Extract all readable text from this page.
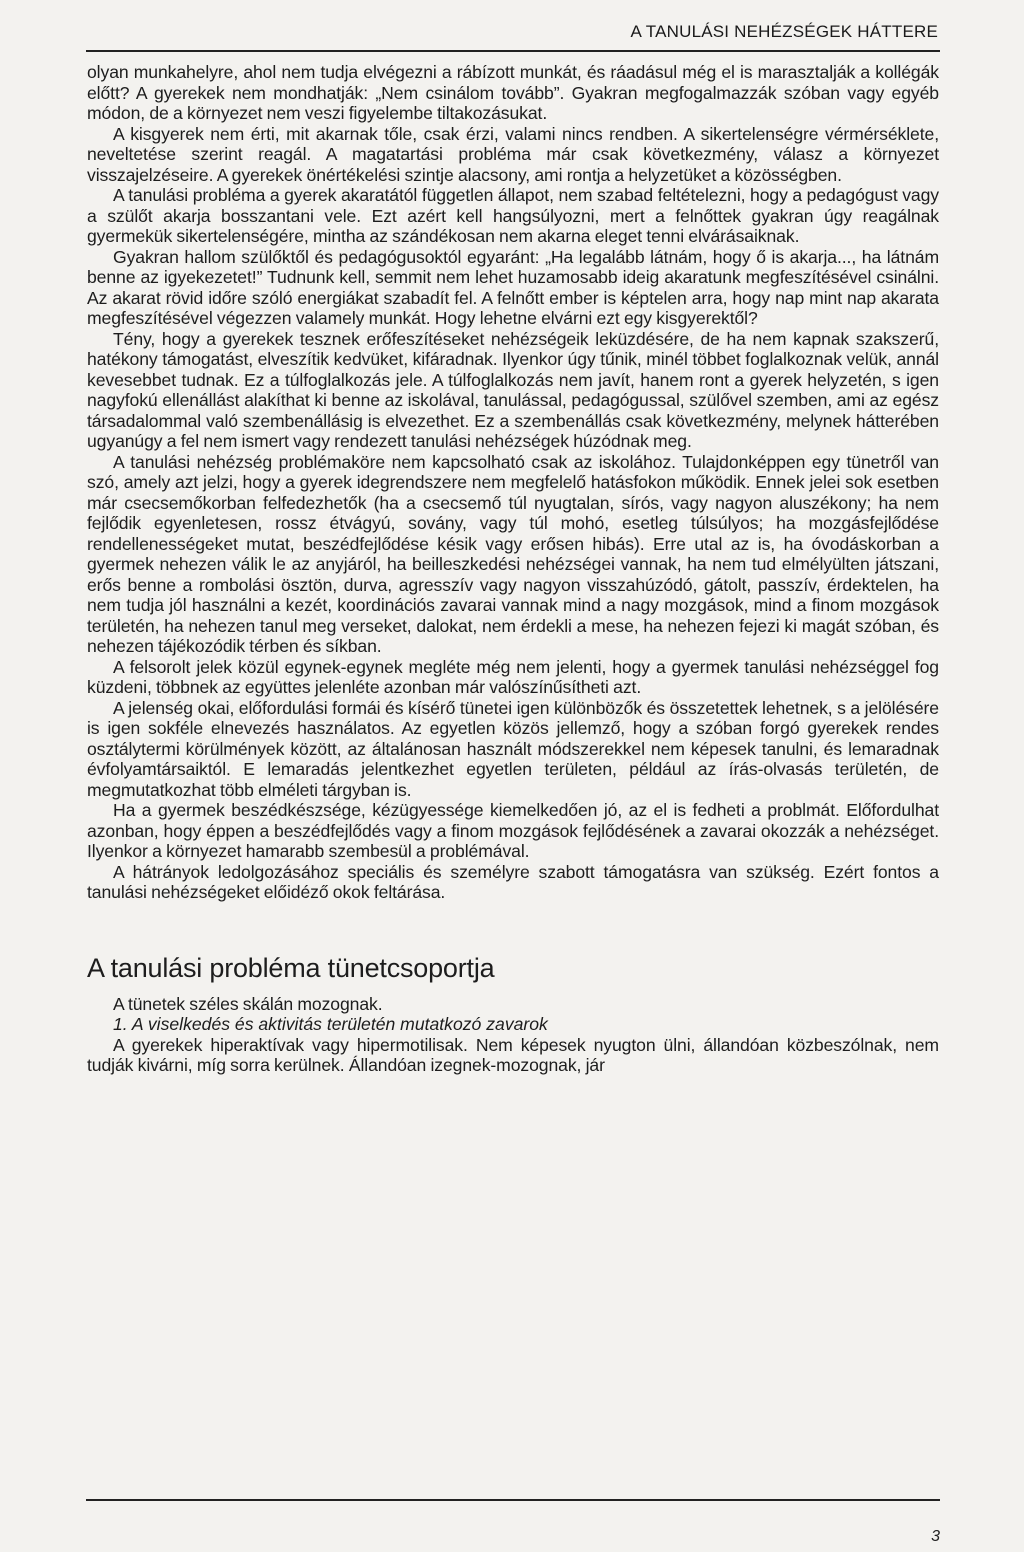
A TANULÁSI NEHÉZSÉGEK HÁTTERE

olyan munkahelyre, ahol nem tudja elvégezni a rábízott munkát, és ráadásul még el is marasztalják a kollégák előtt? A gyerekek nem mondhatják: „Nem csinálom tovább”. Gyakran megfogalmazzák szóban vagy egyéb módon, de a környezet nem veszi figyelembe tiltakozásukat.

A kisgyerek nem érti, mit akarnak tőle, csak érzi, valami nincs rendben. A sikertelenségre vérmérséklete, neveltetése szerint reagál. A magatartási probléma már csak következmény, válasz a környezet visszajelzéseire. A gyerekek önértékelési szintje alacsony, ami rontja a helyzetüket a közösségben.

A tanulási probléma a gyerek akaratától független állapot, nem szabad feltételezni, hogy a pedagógust vagy a szülőt akarja bosszantani vele. Ezt azért kell hangsúlyozni, mert a felnőttek gyakran úgy reagálnak gyermekük sikertelenségére, mintha az szándékosan nem akarna eleget tenni elvárásaiknak.

Gyakran hallom szülőktől és pedagógusoktól egyaránt: „Ha legalább látnám, hogy ő is akarja..., ha látnám benne az igyekezetet!” Tudnunk kell, semmit nem lehet huzamosabb ideig akaratunk megfeszítésével csinálni. Az akarat rövid időre szóló energiákat szabadít fel. A felnőtt ember is képtelen arra, hogy nap mint nap akarata megfeszítésével végezzen valamely munkát. Hogy lehetne elvárni ezt egy kisgyerektől?

Tény, hogy a gyerekek tesznek erőfeszítéseket nehézségeik leküzdésére, de ha nem kapnak szakszerű, hatékony támogatást, elveszítik kedvüket, kifáradnak. Ilyenkor úgy tűnik, minél többet foglalkoznak velük, annál kevesebbet tudnak. Ez a túlfoglalkozás jele. A túlfoglalkozás nem javít, hanem ront a gyerek helyzetén, s igen nagyfokú ellenállást alakíthat ki benne az iskolával, tanulással, pedagógussal, szülővel szemben, ami az egész társadalommal való szembenállásig is elvezethet. Ez a szembenállás csak következmény, melynek hátterében ugyanúgy a fel nem ismert vagy rendezett tanulási nehézségek húzódnak meg.

A tanulási nehézség problémaköre nem kapcsolható csak az iskolához. Tulajdonképpen egy tünetről van szó, amely azt jelzi, hogy a gyerek idegrendszere nem megfelelő hatásfokon működik. Ennek jelei sok esetben már csecsemőkorban felfedezhetők (ha a csecsemő túl nyugtalan, sírós, vagy nagyon aluszékony; ha nem fejlődik egyenletesen, rossz étvágyú, sovány, vagy túl mohó, esetleg túlsúlyos; ha mozgásfejlődése rendellenességeket mutat, beszédfejlődése késik vagy erősen hibás). Erre utal az is, ha óvodáskorban a gyermek nehezen válik le az anyjáról, ha beilleszkedési nehézségei vannak, ha nem tud elmélyülten játszani, erős benne a rombolási ösztön, durva, agresszív vagy nagyon visszahúzódó, gátolt, passzív, érdektelen, ha nem tudja jól használni a kezét, koordinációs zavarai vannak mind a nagy mozgások, mind a finom mozgások területén, ha nehezen tanul meg verseket, dalokat, nem érdekli a mese, ha nehezen fejezi ki magát szóban, és nehezen tájékozódik térben és síkban.

A felsorolt jelek közül egynek-egynek megléte még nem jelenti, hogy a gyermek tanulási nehézséggel fog küzdeni, többnek az együttes jelenléte azonban már valószínűsítheti azt.

A jelenség okai, előfordulási formái és kísérő tünetei igen különbözők és összetettek lehetnek, s a jelölésére is igen sokféle elnevezés használatos. Az egyetlen közös jellemző, hogy a szóban forgó gyerekek rendes osztálytermi körülmények között, az általánosan használt módszerekkel nem képesek tanulni, és lemaradnak évfolyamtársaiktól. E lemaradás jelentkezhet egyetlen területen, például az írás-olvasás területén, de megmutatkozhat több elméleti tárgyban is.

Ha a gyermek beszédkészsége, kézügyessége kiemelkedően jó, az el is fedheti a problmát. Előfordulhat azonban, hogy éppen a beszédfejlődés vagy a finom mozgások fejlődésének a zavarai okozzák a nehézséget. Ilyenkor a környezet hamarabb szembesül a problémával.

A hátrányok ledolgozásához speciális és személyre szabott támogatásra van szükség. Ezért fontos a tanulási nehézségeket előidéző okok feltárása.

A tanulási probléma tünetcsoportja

A tünetek széles skálán mozognak.

1. A viselkedés és aktivitás területén mutatkozó zavarok

A gyerekek hiperaktívak vagy hipermotilisak. Nem képesek nyugton ülni, állandóan közbeszólnak, nem tudják kivárni, míg sorra kerülnek. Állandóan izegnek-mozognak, jár

3
